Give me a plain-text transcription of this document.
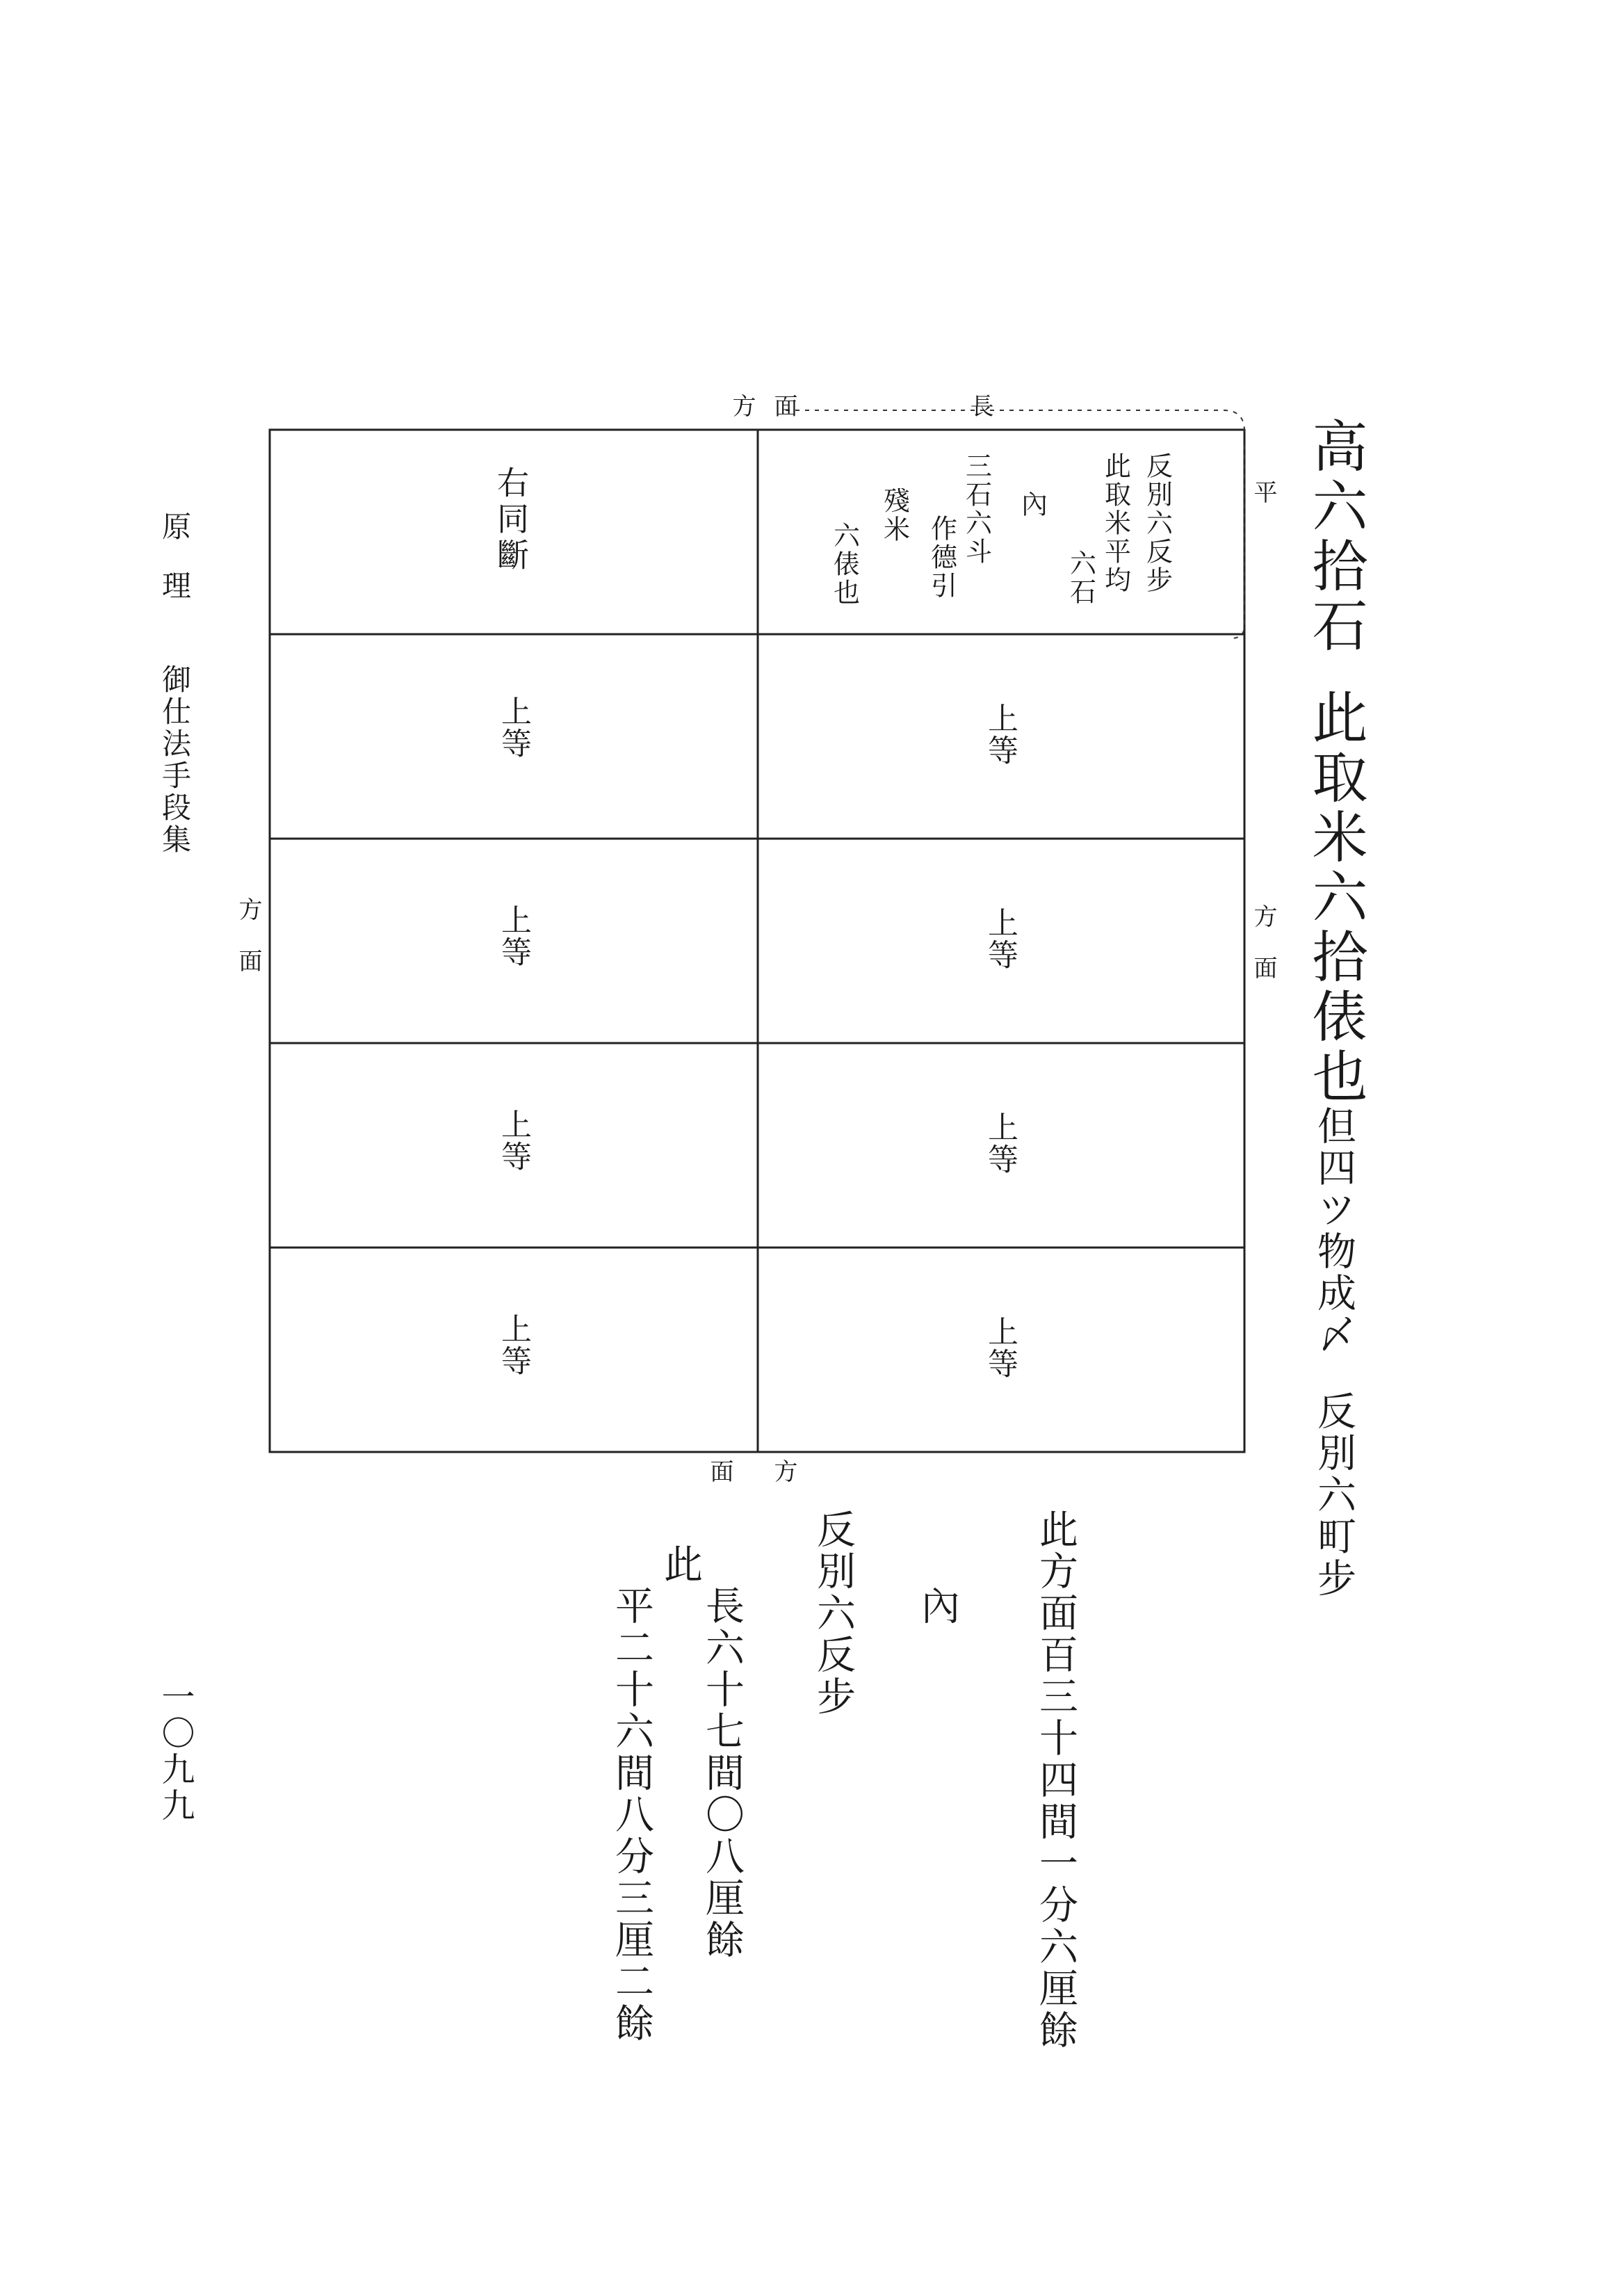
高六拾石
此取米六拾俵也
但四ツ物成〆
反別六町步
方 面	長
平
方面
方面
方
面
反別六反步
此取米平均
六石
內
三石六斗
作德引
殘米
六俵也
右同斷
上等
上等
上等
上等
上等
上等
上等
上等
此方面百三十四間一分六厘餘
內
反別六反步
長六十七間〇八厘餘
此
平二十六間八分三厘二餘
原
理
御仕法手段集
一〇九九
